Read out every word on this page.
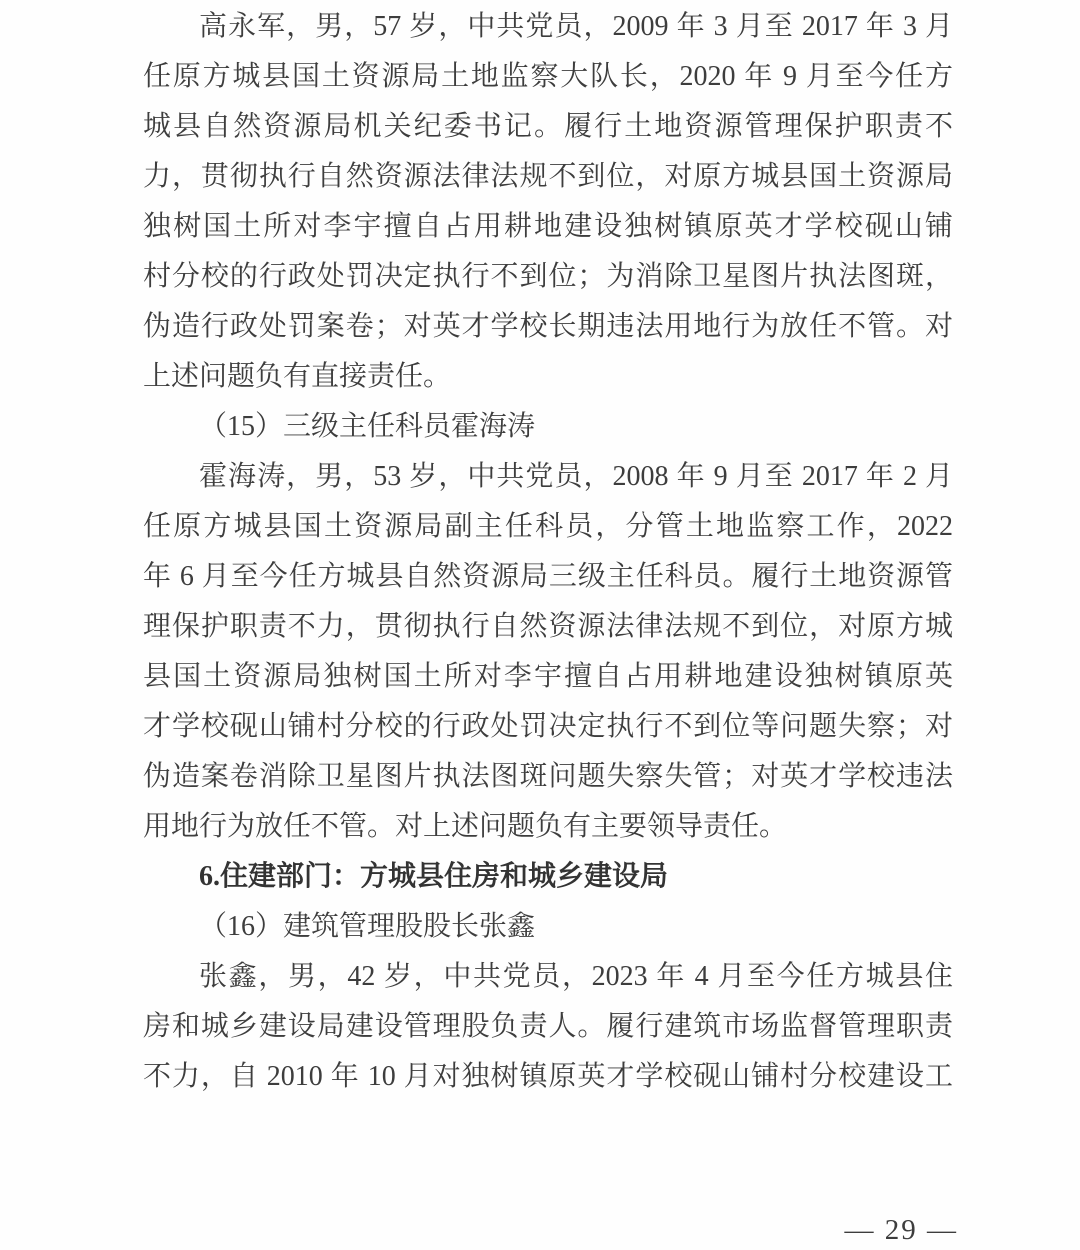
高永军，男，57 岁，中共党员，2009 年 3 月至 2017 年 3 月
任原方城县国土资源局土地监察大队长，2020 年 9 月至今任方
城县自然资源局机关纪委书记。履行土地资源管理保护职责不
力，贯彻执行自然资源法律法规不到位，对原方城县国土资源局
独树国土所对李宇擅自占用耕地建设独树镇原英才学校砚山铺
村分校的行政处罚决定执行不到位；为消除卫星图片执法图斑，
伪造行政处罚案卷；对英才学校长期违法用地行为放任不管。对
上述问题负有直接责任。
（15）三级主任科员霍海涛
霍海涛，男，53 岁，中共党员，2008 年 9 月至 2017 年 2 月
任原方城县国土资源局副主任科员，分管土地监察工作，2022
年 6 月至今任方城县自然资源局三级主任科员。履行土地资源管
理保护职责不力，贯彻执行自然资源法律法规不到位，对原方城
县国土资源局独树国土所对李宇擅自占用耕地建设独树镇原英
才学校砚山铺村分校的行政处罚决定执行不到位等问题失察；对
伪造案卷消除卫星图片执法图斑问题失察失管；对英才学校违法
用地行为放任不管。对上述问题负有主要领导责任。
6.住建部门：方城县住房和城乡建设局
（16）建筑管理股股长张鑫
张鑫，男，42 岁，中共党员，2023 年 4 月至今任方城县住
房和城乡建设局建设管理股负责人。履行建筑市场监督管理职责
不力，自 2010 年 10 月对独树镇原英才学校砚山铺村分校建设工
— 29 —
